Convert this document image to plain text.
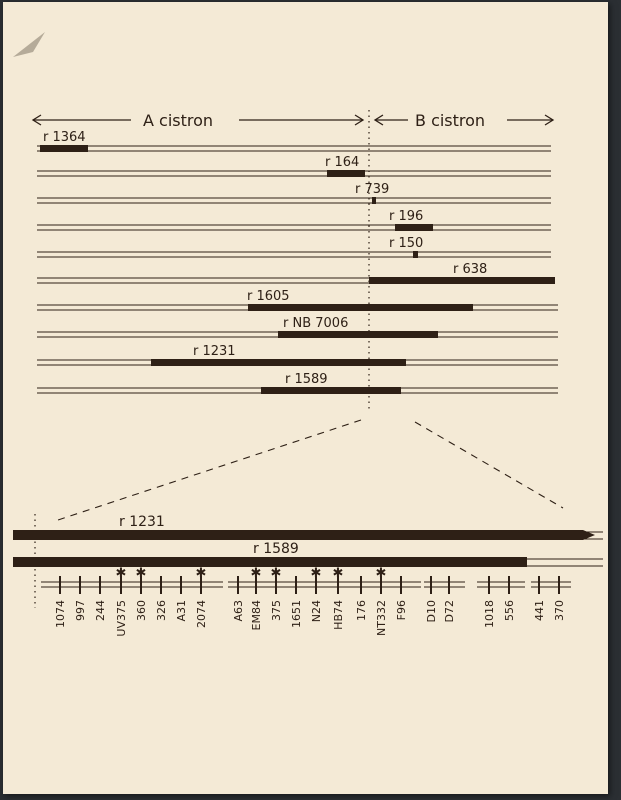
A cistron	B cistron
r 1364
r 164
r 739
r 196
r 150
r 638
r 1605
r NB 7006
r 1231
r 1589
r 1231
r 1589
1074 997 244
✱
UV375
✱
360 326 A31
✱
2074 A63
✱
EM84
✱
375 1651
✱
N24
✱
HB74 176
✱
NT332 F96 D10 D72 1018 556 441 370
